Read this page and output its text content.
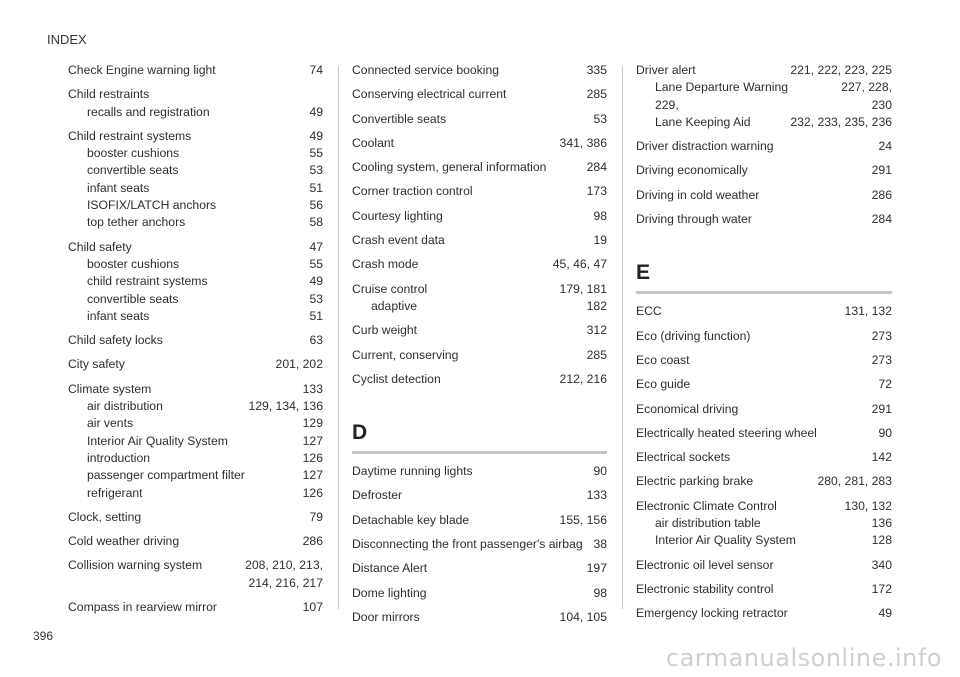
INDEX
Check Engine warning light	74
Child restraints
recalls and registration	49
Child restraint systems	49
booster cushions	55
convertible seats	53
infant seats	51
ISOFIX/LATCH anchors	56
top tether anchors	58
Child safety	47
booster cushions	55
child restraint systems	49
convertible seats	53
infant seats	51
Child safety locks	63
City safety	201, 202
Climate system	133
air distribution	129, 134, 136
air vents	129
Interior Air Quality System	127
introduction	126
passenger compartment filter	127
refrigerant	126
Clock, setting	79
Cold weather driving	286
Collision warning system	208, 210, 213,
214, 216, 217
Compass in rearview mirror	107
Connected service booking	335
Conserving electrical current	285
Convertible seats	53
Coolant	341, 386
Cooling system, general information	284
Corner traction control	173
Courtesy lighting	98
Crash event data	19
Crash mode	45, 46, 47
Cruise control	179, 181
adaptive	182
Curb weight	312
Current, conserving	285
Cyclist detection	212, 216
D
Daytime running lights	90
Defroster	133
Detachable key blade	155, 156
Disconnecting the front passenger's airbag 38
Distance Alert	197
Dome lighting	98
Door mirrors	104, 105
Driver alert	221, 222, 223, 225
Lane Departure Warning	227, 228,
229,	230
Lane Keeping Aid	232, 233, 235, 236
Driver distraction warning	24
Driving economically	291
Driving in cold weather	286
Driving through water	284
E
ECC	131, 132
Eco (driving function)	273
Eco coast	273
Eco guide	72
Economical driving	291
Electrically heated steering wheel	90
Electrical sockets	142
Electric parking brake	280, 281, 283
Electronic Climate Control	130, 132
air distribution table	136
Interior Air Quality System	128
Electronic oil level sensor	340
Electronic stability control	172
Emergency locking retractor	49
396
carmanualsonline.info
